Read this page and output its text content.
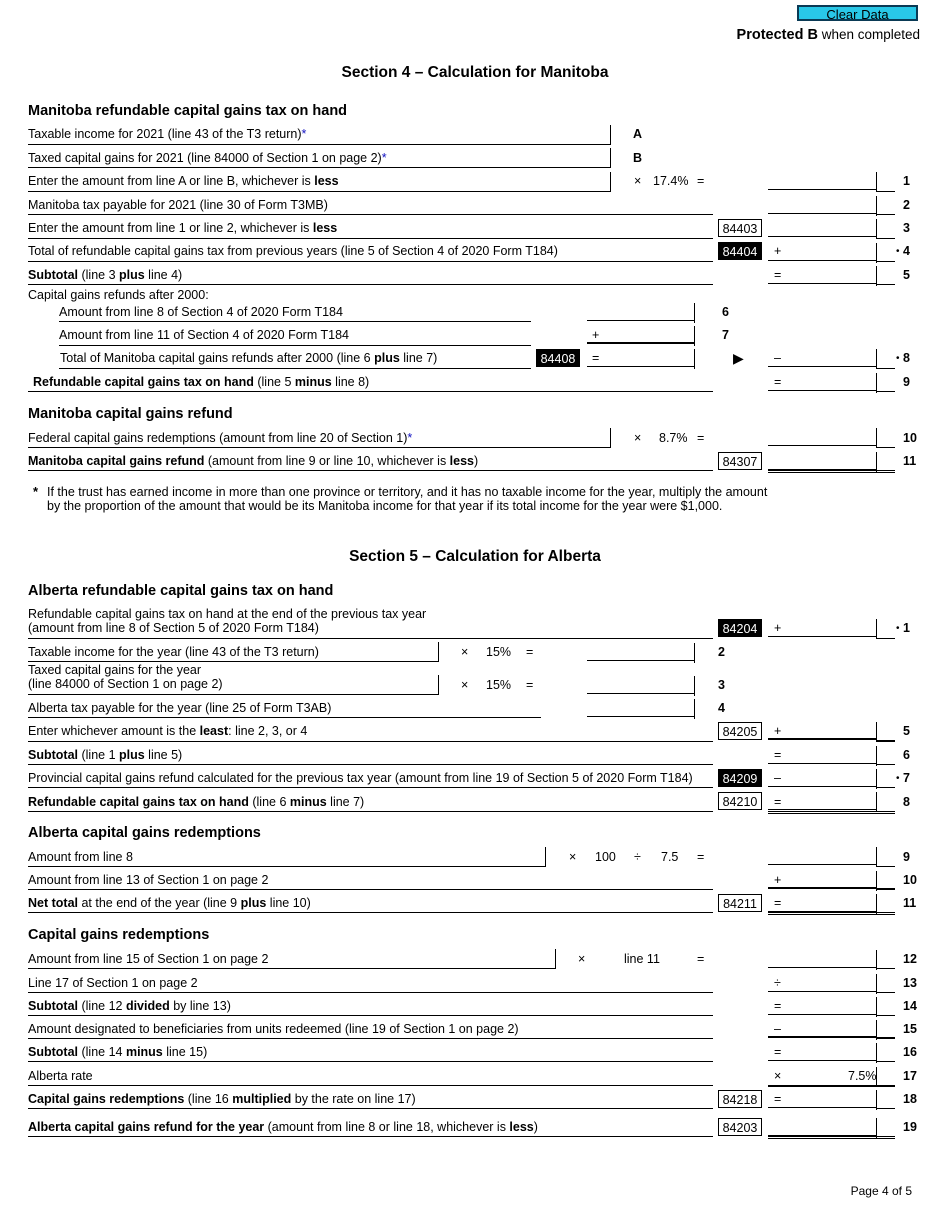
Clear Data
Protected B when completed
Section 4 – Calculation for Manitoba
Manitoba refundable capital gains tax on hand
Taxable income for 2021 (line 43 of the T3 return)*	A
Taxed capital gains for 2021 (line 84000 of Section 1 on page 2)*	B
Enter the amount from line A or line B, whichever is less	× 17.4% =	1
Manitoba tax payable for 2021 (line 30 of Form T3MB)	2
Enter the amount from line 1 or line 2, whichever is less	84403	3
Total of refundable capital gains tax from previous years (line 5 of Section 4 of 2020 Form T184)	84404	+	• 4
Subtotal (line 3 plus line 4)	=	5
Capital gains refunds after 2000:
Amount from line 8 of Section 4 of 2020 Form T184	6
Amount from line 11 of Section 4 of 2020 Form T184	+	7
Total of Manitoba capital gains refunds after 2000 (line 6 plus line 7)	84408	=	▶ –	• 8
Refundable capital gains tax on hand (line 5 minus line 8)	=	9
Manitoba capital gains refund
Federal capital gains redemptions (amount from line 20 of Section 1)*	× 8.7% =	10
Manitoba capital gains refund (amount from line 9 or line 10, whichever is less)	84307	11
* If the trust has earned income in more than one province or territory, and it has no taxable income for the year, multiply the amount
by the proportion of the amount that would be its Manitoba income for that year if its total income for the year were $1,000.
Section 5 – Calculation for Alberta
Alberta refundable capital gains tax on hand
Refundable capital gains tax on hand at the end of the previous tax year
(amount from line 8 of Section 5 of 2020 Form T184)	84204	+	• 1
Taxable income for the year (line 43 of the T3 return)	× 15% =	2
Taxed capital gains for the year
(line 84000 of Section 1 on page 2)	× 15% =	3
Alberta tax payable for the year (line 25 of Form T3AB)	4
Enter whichever amount is the least: line 2, 3, or 4	84205	+	5
Subtotal (line 1 plus line 5)	=	6
Provincial capital gains refund calculated for the previous tax year (amount from line 19 of Section 5 of 2020 Form T184)	84209	–	• 7
Refundable capital gains tax on hand (line 6 minus line 7)	84210	=	8
Alberta capital gains redemptions
Amount from line 8	× 100 ÷ 7.5 =	9
Amount from line 13 of Section 1 on page 2	+	10
Net total at the end of the year (line 9 plus line 10)	84211	=	11
Capital gains redemptions
Amount from line 15 of Section 1 on page 2	×	line 11	=	12
Line 17 of Section 1 on page 2	÷	13
Subtotal (line 12 divided by line 13)	=	14
Amount designated to beneficiaries from units redeemed (line 19 of Section 1 on page 2)	–	15
Subtotal (line 14 minus line 15)	=	16
Alberta rate	×	7.5% 17
Capital gains redemptions (line 16 multiplied by the rate on line 17)	84218	=	18
Alberta capital gains refund for the year (amount from line 8 or line 18, whichever is less)	84203	19
Page 4 of 5
